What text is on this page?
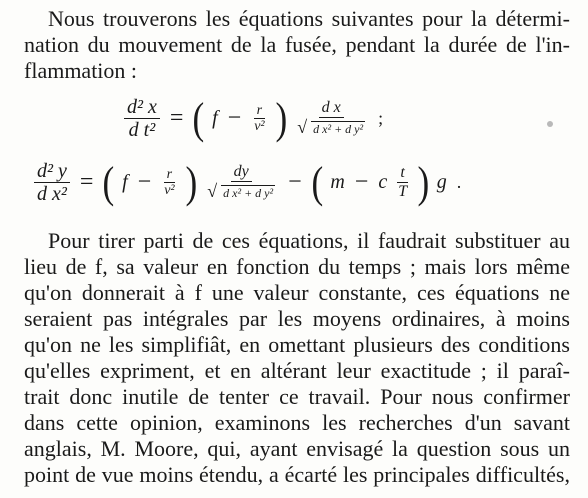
Nous trouverons les équations suivantes pour la détermi-
nation du mouvement de la fusée, pendant la durée de l'in-
flammation :
$\frac{\text{d² x}}{\text{d t²}}$ = ( $f - \frac{r}{\text{v²}}$ ) $\frac{\text{d x}}{\text{√ d x² + d y²}}$ ;
$\frac{\text{d² y}}{\text{d x²}}$ = ( $f - \frac{r}{\text{v²}}$ ) $\frac{dy}{\text{√ d x² + d y²}}$ − ( m − c $\frac{t}{T}$ ) g .
Pour tirer parti de ces équations, il faudrait substituer au
lieu de f, sa valeur en fonction du temps ; mais lors même
qu'on donnerait à f une valeur constante, ces équations ne
seraient pas intégrales par les moyens ordinaires, à moins
qu'on ne les simplifiât, en omettant plusieurs des conditions
qu'elles expriment, et en altérant leur exactitude ; il paraî-
trait donc inutile de tenter ce travail. Pour nous confirmer
dans cette opinion, examinons les recherches d'un savant
anglais, M. Moore, qui, ayant envisagé la question sous un
point de vue moins étendu, a écarté les principales difficultés,
